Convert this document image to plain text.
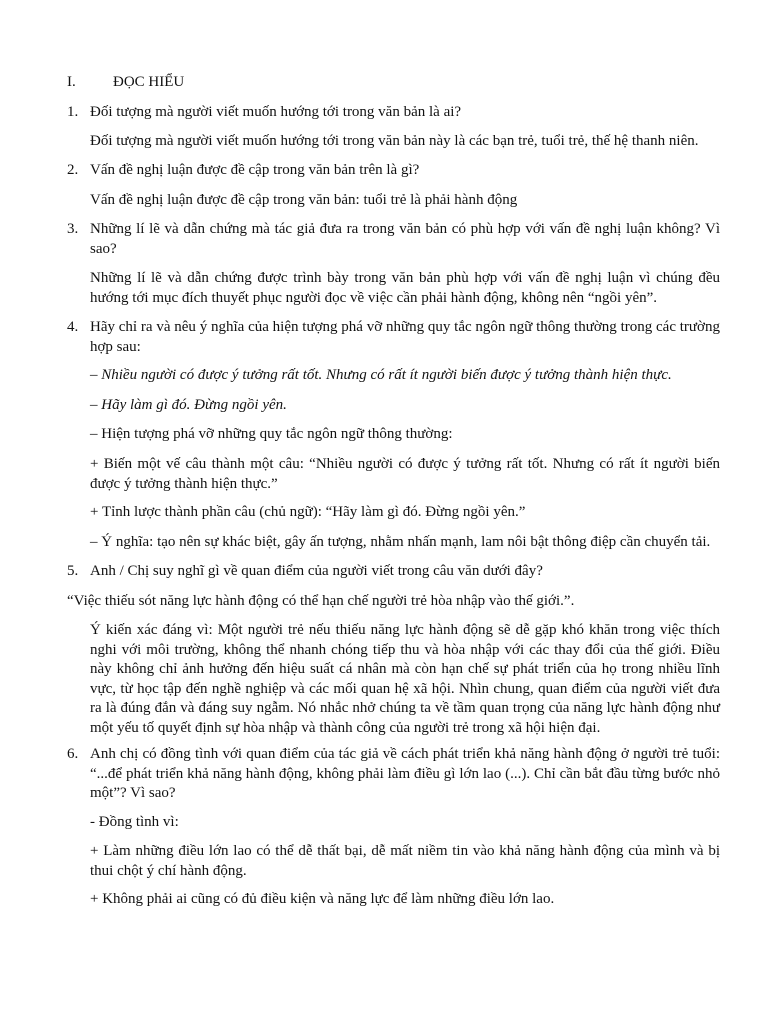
I. ĐỌC HIỂU
1. Đối tượng mà người viết muốn hướng tới trong văn bản là ai?

Đối tượng mà người viết muốn hướng tới trong văn bản này là các bạn trẻ, tuổi trẻ, thế hệ thanh niên.

2. Vấn đề nghị luận được đề cập trong văn bản trên là gì?

Vấn đề nghị luận được đề cập trong văn bản: tuổi trẻ là phải hành động

3. Những lí lẽ và dẫn chứng mà tác giả đưa ra trong văn bản có phù hợp với vấn đề nghị luận không? Vì sao?

Những lí lẽ và dẫn chứng được trình bày trong văn bản phù hợp với vấn đề nghị luận vì chúng đều hướng tới mục đích thuyết phục người đọc về việc cần phải hành động, không nên “ngồi yên”.

4. Hãy chỉ ra và nêu ý nghĩa của hiện tượng phá vỡ những quy tắc ngôn ngữ thông thường trong các trường hợp sau:

– Nhiều người có được ý tưởng rất tốt. Nhưng có rất ít người biến được ý tưởng thành hiện thực.

– Hãy làm gì đó. Đừng ngồi yên.

– Hiện tượng phá vỡ những quy tắc ngôn ngữ thông thường:

+ Biến một vế câu thành một câu: “Nhiều người có được ý tưởng rất tốt. Nhưng có rất ít người biến được ý tưởng thành hiện thực.”

+ Tỉnh lược thành phần câu (chủ ngữ): “Hãy làm gì đó. Đừng ngồi yên.”

– Ý nghĩa: tạo nên sự khác biệt, gây ấn tượng, nhằm nhấn mạnh, lam nôi bật thông điệp cần chuyển tải.

5. Anh / Chị suy nghĩ gì về quan điểm của người viết trong câu văn dưới đây?

“Việc thiếu sót năng lực hành động có thể hạn chế người trẻ hòa nhập vào thế giới.”.

Ý kiến xác đáng vì: Một người trẻ nếu thiếu năng lực hành động sẽ dễ gặp khó khăn trong việc thích nghi với môi trường, không thể nhanh chóng tiếp thu và hòa nhập với các thay đổi của thế giới. Điều này không chỉ ảnh hưởng đến hiệu suất cá nhân mà còn hạn chế sự phát triển của họ trong nhiều lĩnh vực, từ học tập đến nghề nghiệp và các mối quan hệ xã hội. Nhìn chung, quan điểm của người viết đưa ra là đúng đắn và đáng suy ngẫm. Nó nhắc nhở chúng ta về tầm quan trọng của năng lực hành động như một yếu tố quyết định sự hòa nhập và thành công của người trẻ trong xã hội hiện đại.

6. Anh chị có đồng tình với quan điểm của tác giả về cách phát triển khả năng hành động ở người trẻ tuổi: “...để phát triển khả năng hành động, không phải làm điều gì lớn lao (...). Chỉ cần bắt đầu từng bước nhỏ một”? Vì sao?

- Đồng tình vì:

+ Làm những điều lớn lao có thể dễ thất bại, dễ mất niềm tin vào khả năng hành động của mình và bị thui chột ý chí hành động.

+ Không phải ai cũng có đủ điều kiện và năng lực để làm những điều lớn lao.
